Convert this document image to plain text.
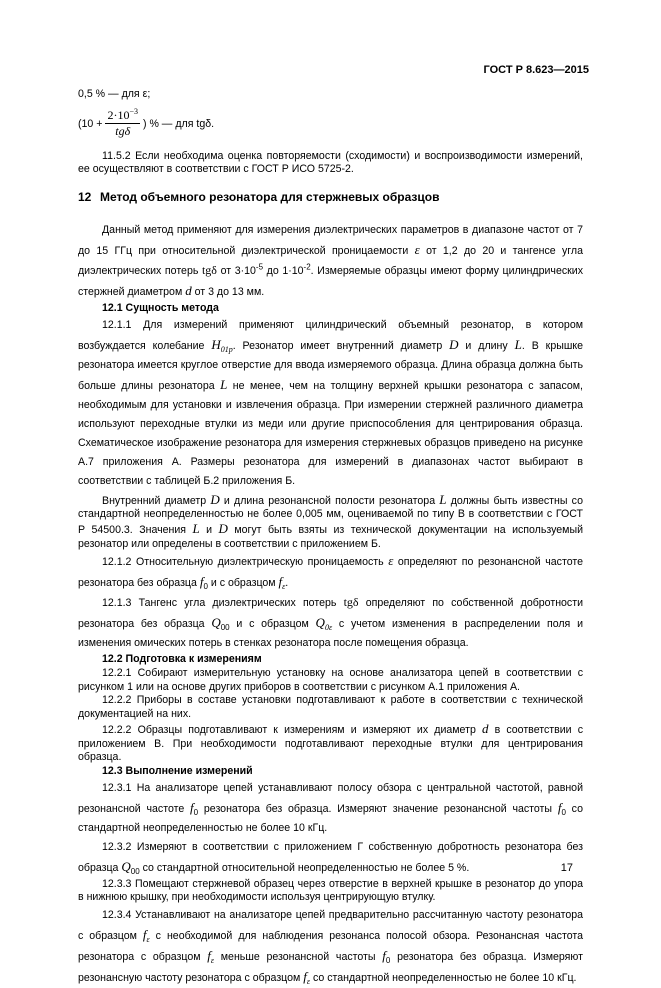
ГОСТ Р 8.623—2015

0,5 % — для ε;

($10 + \frac{2\cdot 10^{-3}}{\text{tgδ}}$ ) % — для tgδ.

11.5.2 Если необходима оценка повторяемости (сходимости) и воспроизводимости измерений, ее осуществляют в соответствии с ГОСТ Р ИСО 5725-2.

12 Метод объемного резонатора для стержневых образцов

Данный метод применяют для измерения диэлектрических параметров в диапазоне частот от 7 до 15 ГГц при относительной диэлектрической проницаемости ε от 1,2 до 20 и тангенсе угла диэлектрических потерь tgδ от $3\cdot 10^{-5}$ до $1\cdot 10^{-2}$. Измеряемые образцы имеют форму цилиндрических стержней диаметром d от 3 до 13 мм.

12.1 Сущность метода

12.1.1 Для измерений применяют цилиндрический объемный резонатор, в котором возбуждается колебание $H_{01p}$. Резонатор имеет внутренний диаметр D и длину L. В крышке резонатора имеется круглое отверстие для ввода измеряемого образца. Длина образца должна быть больше длины резонатора L не менее, чем на толщину верхней крышки резонатора с запасом, необходимым для установки и извлечения образца. При измерении стержней различного диаметра используют переходные втулки из меди или другие приспособления для центрирования образца. Схематическое изображение резонатора для измерения стержневых образцов приведено на рисунке А.7 приложения А. Размеры резонатора для измерений в диапазонах частот выбирают в соответствии с таблицей Б.2 приложения Б.

Внутренний диаметр D и длина резонансной полости резонатора L должны быть известны со стандартной неопределенностью не более 0,005 мм, оцениваемой по типу В в соответствии с ГОСТ Р 54500.3. Значения L и D могут быть взяты из технической документации на используемый резонатор или определены в соответствии с приложением Б.

12.1.2 Относительную диэлектрическую проницаемость ε определяют по резонансной частоте резонатора без образца $f_0$ и с образцом $f_\varepsilon$.

12.1.3 Тангенс угла диэлектрических потерь tgδ определяют по собственной добротности резонатора без образца $Q_{00}$ и с образцом $Q_{0\varepsilon}$ с учетом изменения в распределении поля и изменения омических потерь в стенках резонатора после помещения образца.

12.2 Подготовка к измерениям

12.2.1 Собирают измерительную установку на основе анализатора цепей в соответствии с рисунком 1 или на основе других приборов в соответствии с рисунком А.1 приложения А.

12.2.2 Приборы в составе установки подготавливают к работе в соответствии с технической документацией на них.

12.2.2 Образцы подготавливают к измерениям и измеряют их диаметр d в соответствии с приложением В. При необходимости подготавливают переходные втулки для центрирования образца.

12.3 Выполнение измерений

12.3.1 На анализаторе цепей устанавливают полосу обзора с центральной частотой, равной резонансной частоте $f_0$ резонатора без образца. Измеряют значение резонансной частоты $f_0$ со стандартной неопределенностью не более 10 кГц.

12.3.2 Измеряют в соответствии с приложением Г собственную добротность резонатора без образца $Q_{00}$ со стандартной относительной неопределенностью не более 5 %.

12.3.3 Помещают стержневой образец через отверстие в верхней крышке в резонатор до упора в нижнюю крышку, при необходимости используя центрирующую втулку.

12.3.4 Устанавливают на анализаторе цепей предварительно рассчитанную частоту резонатора с образцом $f_\varepsilon$ с необходимой для наблюдения резонанса полосой обзора. Резонансная частота резонатора с образцом $f_\varepsilon$ меньше резонансной частоты $f_0$ резонатора без образца. Измеряют резонансную частоту резонатора с образцом $f_\varepsilon$ со стандартной неопределенностью не более 10 кГц.

17
